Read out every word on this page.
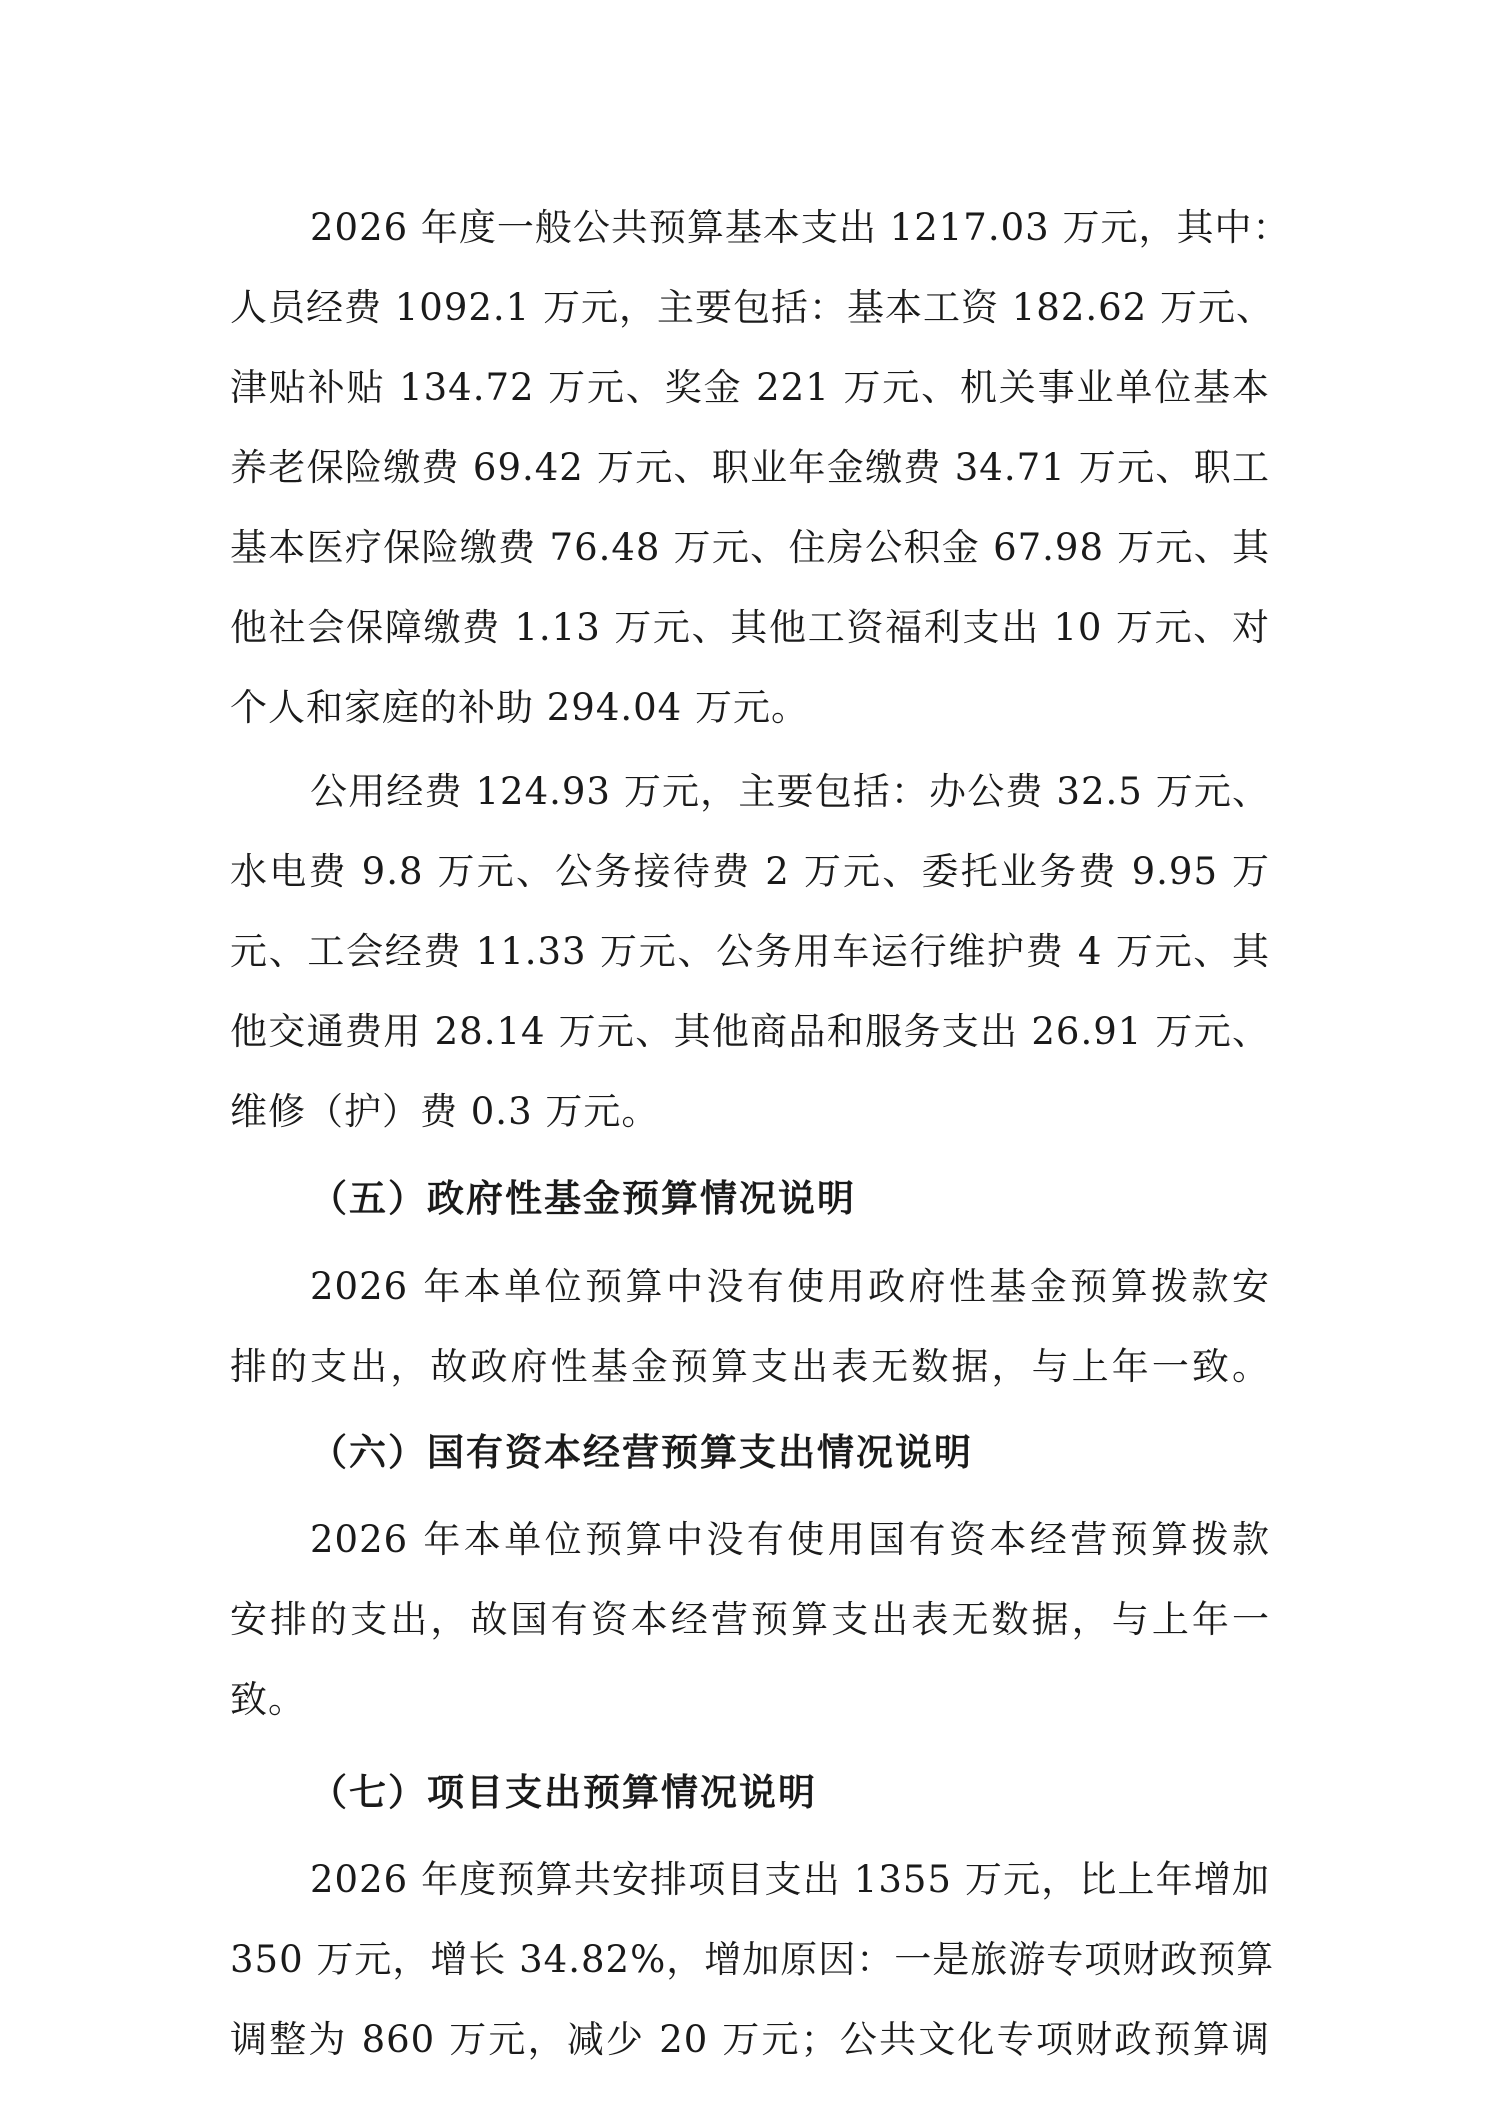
2026 年度一般公共预算基本支出 1217.03 万元，其中：
人员经费 1092.1 万元，主要包括：基本工资 182.62 万元、
津贴补贴 134.72 万元、奖金 221 万元、机关事业单位基本
养老保险缴费 69.42 万元、职业年金缴费 34.71 万元、职工
基本医疗保险缴费 76.48 万元、住房公积金 67.98 万元、其
他社会保障缴费 1.13 万元、其他工资福利支出 10 万元、对
个人和家庭的补助 294.04 万元。
公用经费 124.93 万元，主要包括：办公费 32.5 万元、
水电费 9.8 万元、公务接待费 2 万元、委托业务费 9.95 万
元、工会经费 11.33 万元、公务用车运行维护费 4 万元、其
他交通费用 28.14 万元、其他商品和服务支出 26.91 万元、
维修（护）费 0.3 万元。
（五）政府性基金预算情况说明
2026 年本单位预算中没有使用政府性基金预算拨款安
排的支出，故政府性基金预算支出表无数据，与上年一致。
（六）国有资本经营预算支出情况说明
2026 年本单位预算中没有使用国有资本经营预算拨款
安排的支出，故国有资本经营预算支出表无数据，与上年一
致。
（七）项目支出预算情况说明
2026 年度预算共安排项目支出 1355 万元，比上年增加
350 万元，增长 34.82%，增加原因：一是旅游专项财政预算
调整为 860 万元，减少 20 万元；公共文化专项财政预算调
